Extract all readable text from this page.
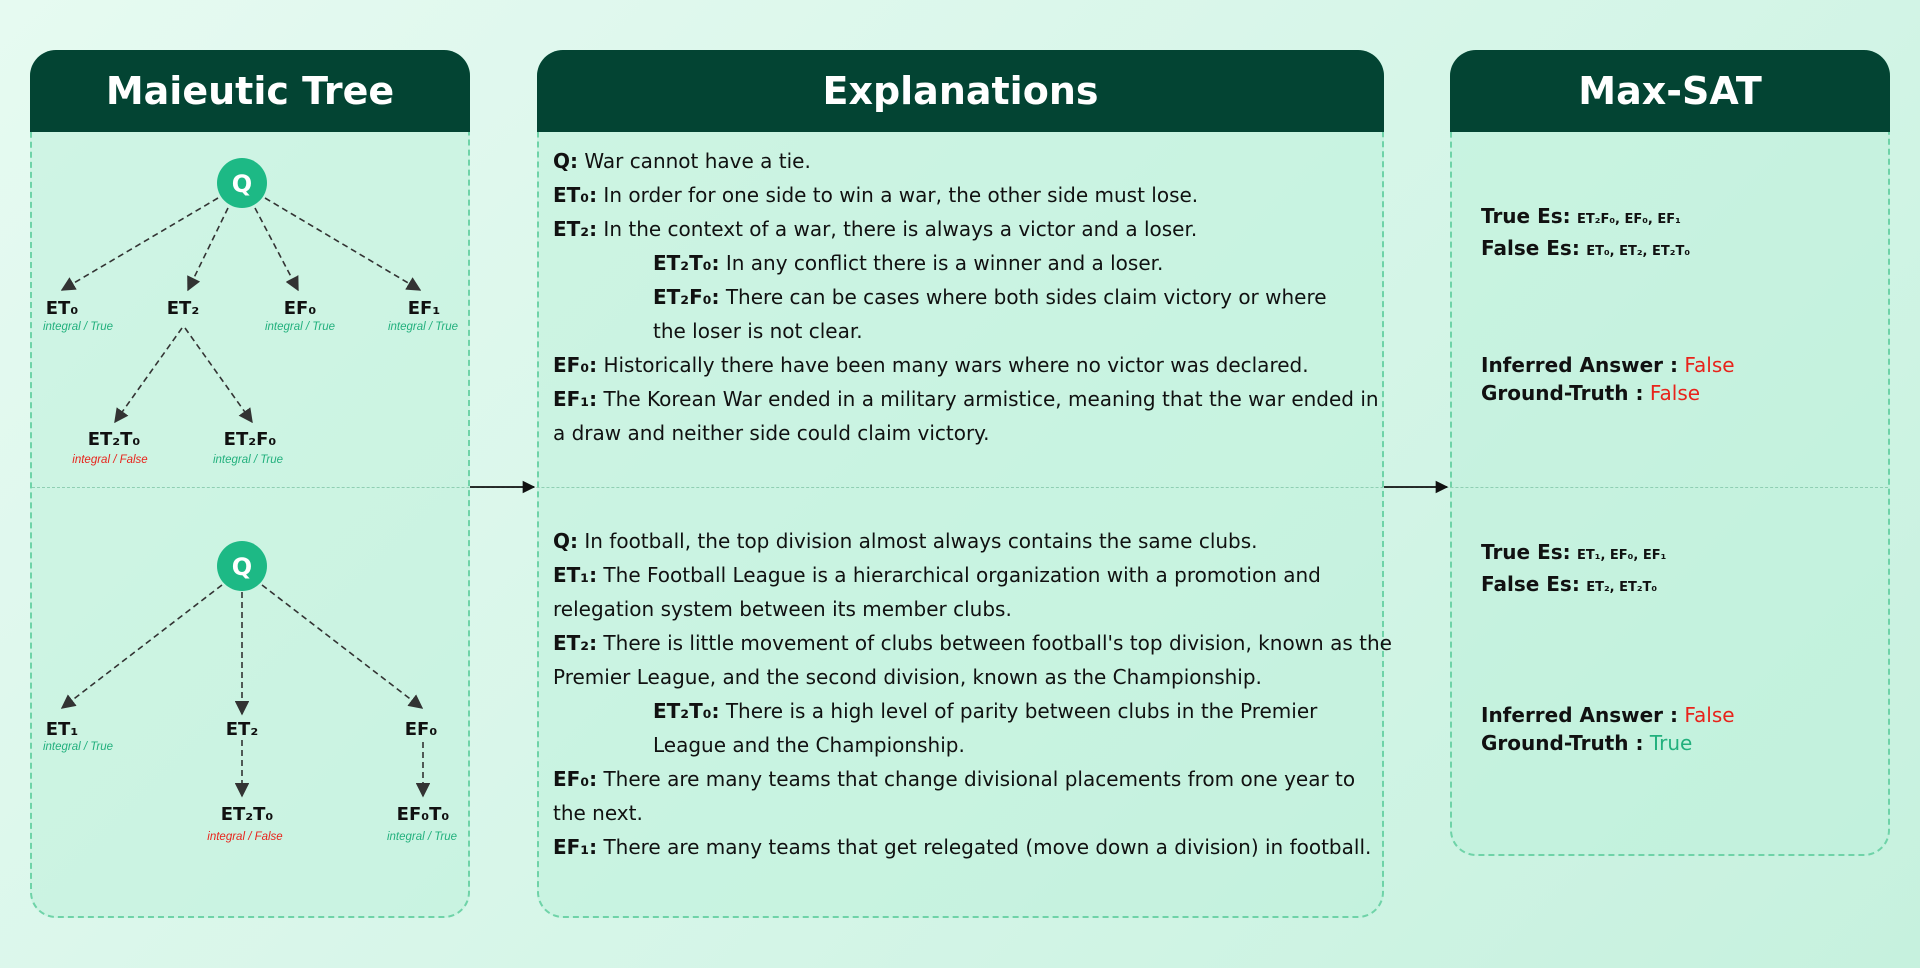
Maieutic Tree	Explanations	Max-SAT
Q
ET₀
integral / True
ET₂	EF₀
integral / True
EF₁
integral / True
ET₂T₀
integral / False
ET₂F₀
integral / True
Q
ET₁
integral / True
ET₂	EF₀
ET₂T₀
integral / False
EF₀T₀
integral / True
Q: War cannot have a tie.
ET₀: In order for one side to win a war, the other side must lose.
ET₂: In the context of a war, there is always a victor and a loser.
ET₂T₀: In any conflict there is a winner and a loser.
ET₂F₀: There can be cases where both sides claim victory or where
the loser is not clear.
EF₀: Historically there have been many wars where no victor was declared.
EF₁: The Korean War ended in a military armistice, meaning that the war ended in
a draw and neither side could claim victory.
Q: In football, the top division almost always contains the same clubs.
ET₁: The Football League is a hierarchical organization with a promotion and
relegation system between its member clubs.
ET₂: There is little movement of clubs between football's top division, known as the
Premier League, and the second division, known as the Championship.
ET₂T₀: There is a high level of parity between clubs in the Premier
League and the Championship.
EF₀: There are many teams that change divisional placements from one year to
the next.
EF₁: There are many teams that get relegated (move down a division) in football.
True Es: ET₂F₀, EF₀, EF₁
False Es: ET₀, ET₂, ET₂T₀
Inferred Answer : False
Ground-Truth : False
True Es: ET₁, EF₀, EF₁
False Es: ET₂, ET₂T₀
Inferred Answer : False
Ground-Truth : True
